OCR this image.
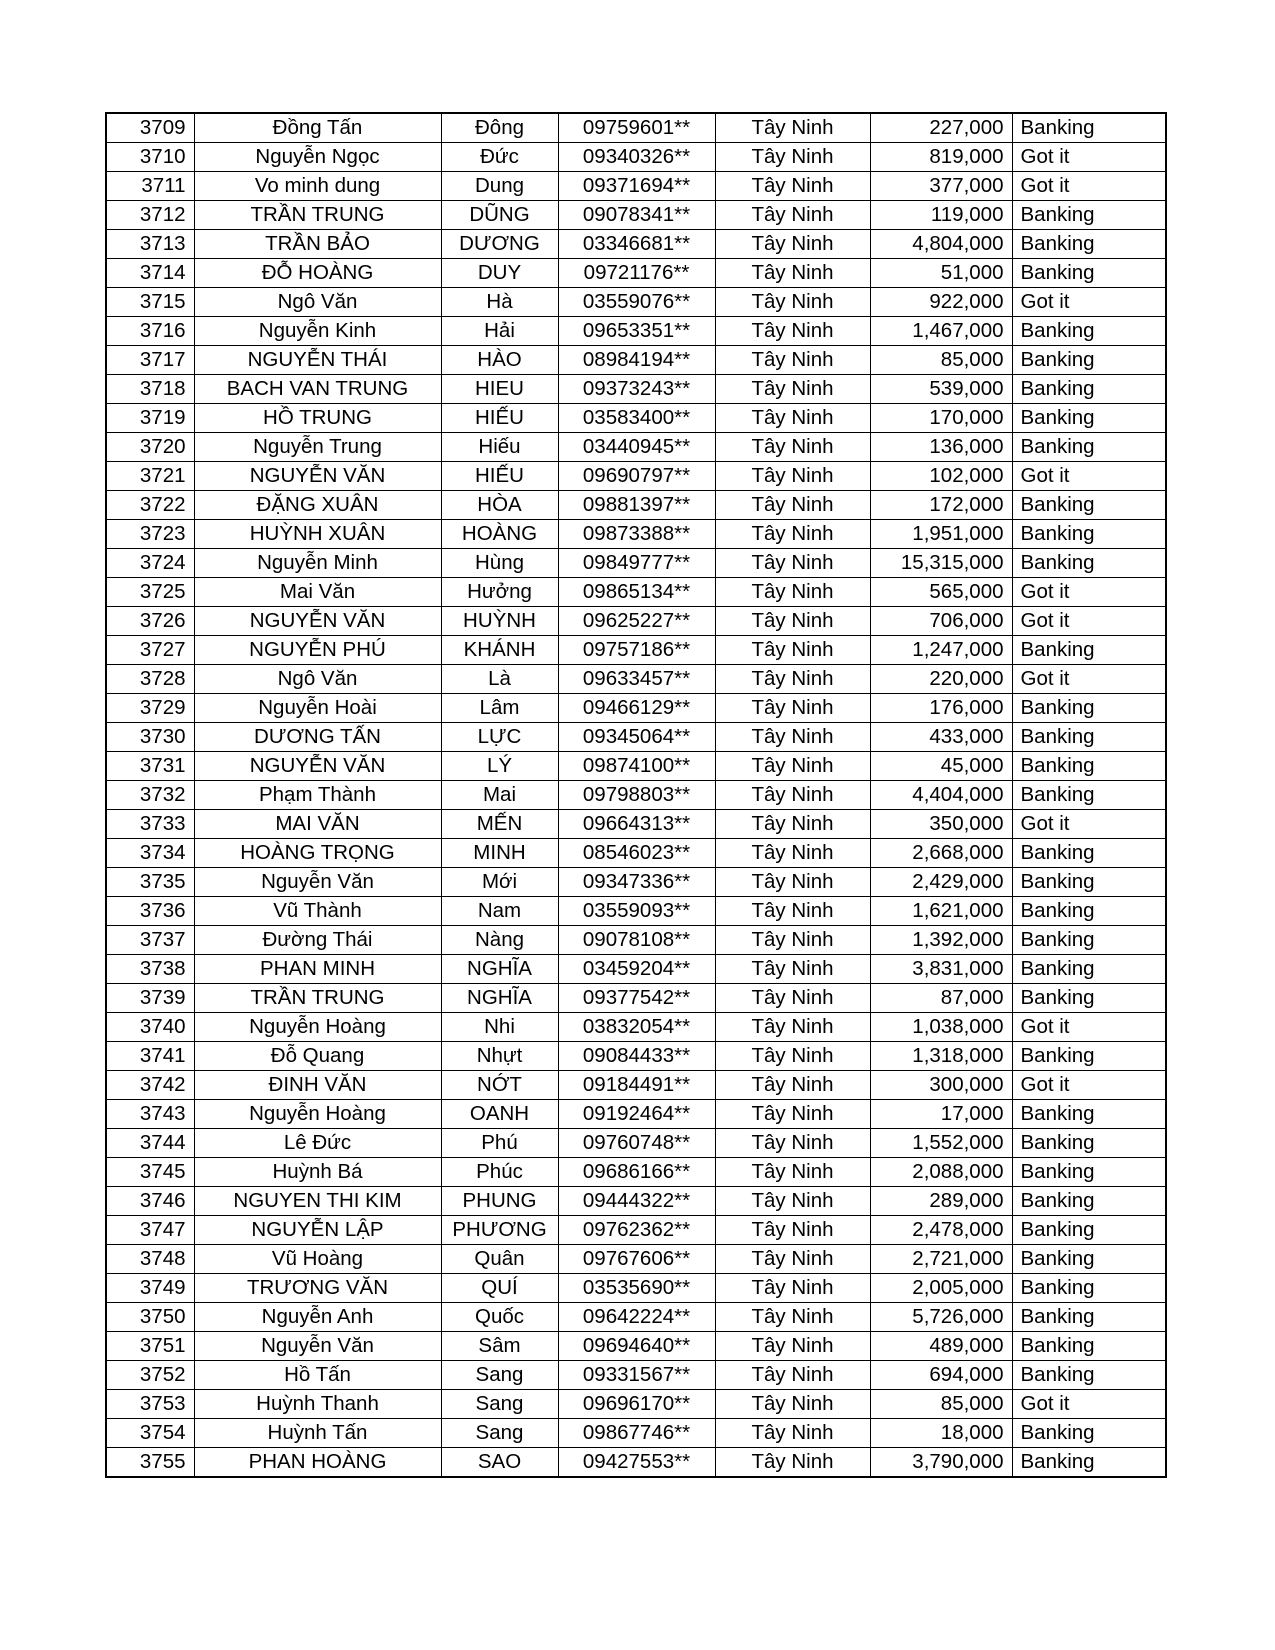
3709	Đồng Tấn	Đông	09759601**	Tây Ninh	227,000	Banking
3710	Nguyễn Ngọc	Đức	09340326**	Tây Ninh	819,000	Got it
3711	Vo minh dung	Dung	09371694**	Tây Ninh	377,000	Got it
3712	TRẦN TRUNG	DŨNG	09078341**	Tây Ninh	119,000	Banking
3713	TRẦN BẢO	DƯƠNG	03346681**	Tây Ninh	4,804,000	Banking
3714	ĐỖ HOÀNG	DUY	09721176**	Tây Ninh	51,000	Banking
3715	Ngô Văn	Hà	03559076**	Tây Ninh	922,000	Got it
3716	Nguyễn Kinh	Hải	09653351**	Tây Ninh	1,467,000	Banking
3717	NGUYỄN THÁI	HÀO	08984194**	Tây Ninh	85,000	Banking
3718	BACH VAN TRUNG	HIEU	09373243**	Tây Ninh	539,000	Banking
3719	HỒ TRUNG	HIẾU	03583400**	Tây Ninh	170,000	Banking
3720	Nguyễn Trung	Hiếu	03440945**	Tây Ninh	136,000	Banking
3721	NGUYỄN VĂN	HIẾU	09690797**	Tây Ninh	102,000	Got it
3722	ĐẶNG XUÂN	HÒA	09881397**	Tây Ninh	172,000	Banking
3723	HUỲNH XUÂN	HOÀNG	09873388**	Tây Ninh	1,951,000	Banking
3724	Nguyễn Minh	Hùng	09849777**	Tây Ninh	15,315,000	Banking
3725	Mai Văn	Hưởng	09865134**	Tây Ninh	565,000	Got it
3726	NGUYỄN VĂN	HUỲNH	09625227**	Tây Ninh	706,000	Got it
3727	NGUYỄN PHÚ	KHÁNH	09757186**	Tây Ninh	1,247,000	Banking
3728	Ngô Văn	Là	09633457**	Tây Ninh	220,000	Got it
3729	Nguyễn Hoài	Lâm	09466129**	Tây Ninh	176,000	Banking
3730	DƯƠNG TẤN	LỰC	09345064**	Tây Ninh	433,000	Banking
3731	NGUYỄN VĂN	LÝ	09874100**	Tây Ninh	45,000	Banking
3732	Phạm Thành	Mai	09798803**	Tây Ninh	4,404,000	Banking
3733	MAI VĂN	MẾN	09664313**	Tây Ninh	350,000	Got it
3734	HOÀNG TRỌNG	MINH	08546023**	Tây Ninh	2,668,000	Banking
3735	Nguyễn Văn	Mới	09347336**	Tây Ninh	2,429,000	Banking
3736	Vũ Thành	Nam	03559093**	Tây Ninh	1,621,000	Banking
3737	Đường Thái	Nàng	09078108**	Tây Ninh	1,392,000	Banking
3738	PHAN MINH	NGHĨA	03459204**	Tây Ninh	3,831,000	Banking
3739	TRẦN TRUNG	NGHĨA	09377542**	Tây Ninh	87,000	Banking
3740	Nguyễn Hoàng	Nhi	03832054**	Tây Ninh	1,038,000	Got it
3741	Đỗ Quang	Nhựt	09084433**	Tây Ninh	1,318,000	Banking
3742	ĐINH VĂN	NỚT	09184491**	Tây Ninh	300,000	Got it
3743	Nguyễn Hoàng	OANH	09192464**	Tây Ninh	17,000	Banking
3744	Lê Đức	Phú	09760748**	Tây Ninh	1,552,000	Banking
3745	Huỳnh Bá	Phúc	09686166**	Tây Ninh	2,088,000	Banking
3746	NGUYEN THI KIM	PHUNG	09444322**	Tây Ninh	289,000	Banking
3747	NGUYỄN LẬP	PHƯƠNG	09762362**	Tây Ninh	2,478,000	Banking
3748	Vũ Hoàng	Quân	09767606**	Tây Ninh	2,721,000	Banking
3749	TRƯƠNG VĂN	QUÍ	03535690**	Tây Ninh	2,005,000	Banking
3750	Nguyễn Anh	Quốc	09642224**	Tây Ninh	5,726,000	Banking
3751	Nguyễn Văn	Sâm	09694640**	Tây Ninh	489,000	Banking
3752	Hồ Tấn	Sang	09331567**	Tây Ninh	694,000	Banking
3753	Huỳnh Thanh	Sang	09696170**	Tây Ninh	85,000	Got it
3754	Huỳnh Tấn	Sang	09867746**	Tây Ninh	18,000	Banking
3755	PHAN HOÀNG	SAO	09427553**	Tây Ninh	3,790,000	Banking
